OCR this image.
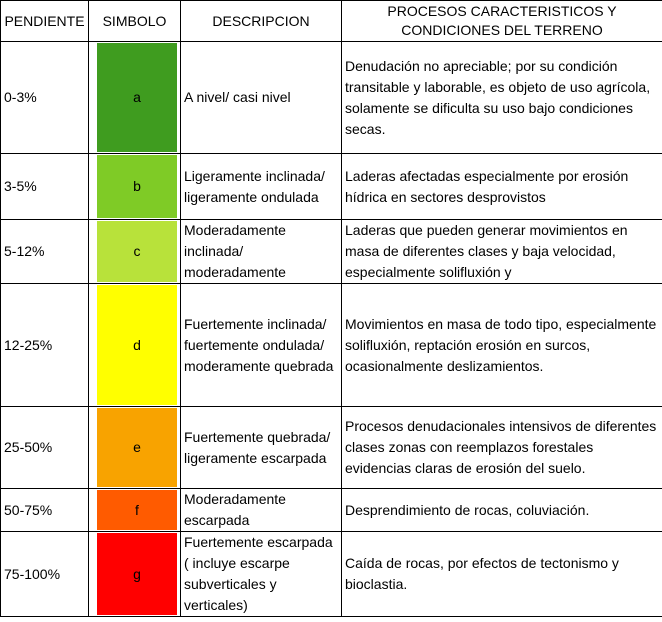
PENDIENTE	SIMBOLO	DESCRIPCION	PROCESOS CARACTERISTICOS Y CONDICIONES DEL TERRENO
0-3%	a	A nivel/ casi nivel	Denudación no apreciable; por su condición transitable y laborable, es objeto de uso agrícola, solamente se dificulta su uso bajo condiciones secas.
3-5%	b	Ligeramente inclinada/ ligeramente ondulada	Laderas afectadas especialmente por erosión hídrica en sectores desprovistos
5-12%	c	Moderadamente inclinada/ moderadamente	Laderas que pueden generar movimientos en masa de diferentes clases y baja velocidad, especialmente solifluxión y
12-25%	d	Fuertemente inclinada/ fuertemente ondulada/ moderamente quebrada	Movimientos en masa de todo tipo, especialmente solifluxión, reptación erosión en surcos, ocasionalmente deslizamientos.
25-50%	e	Fuertemente quebrada/ ligeramente escarpada	Procesos denudacionales intensivos de diferentes clases zonas con reemplazos forestales evidencias claras de erosión del suelo.
50-75%	f	Moderadamente escarpada	Desprendimiento de rocas, coluviación.
75-100%	g	Fuertemente escarpada ( incluye escarpe subverticales y verticales)	Caída de rocas, por efectos de tectonismo y bioclastia.
